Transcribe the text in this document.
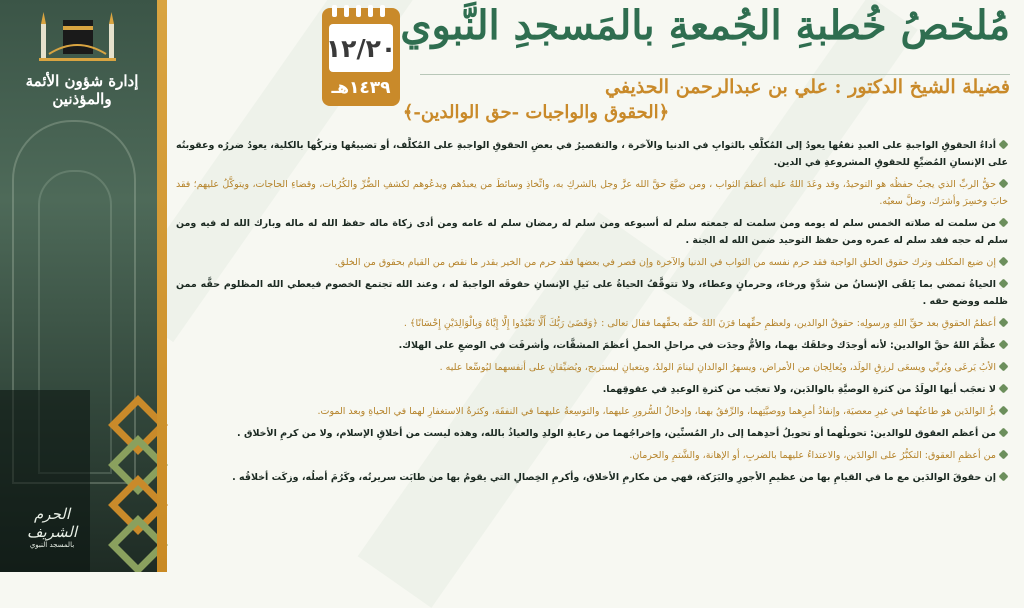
إدارة شؤون الأئمة والمؤذنين
الحرم الشريف
بالمسجد النبوي
١٢/٢٠
١٤٣٩هـ
مُلخصُ خُطبةِ الجُمعةِ بالمَسجدِ النَّبوي
فضيلة الشيخ الدكتور : علي بن عبدالرحمن الحذيفي
﴿الحقوق والواجبات -حق الوالدين-﴾

أداءُ الحقوقِ الواجبةِ على العبدِ نفعُها يعودُ إلى المُكلَّفِ بالثوابِ في الدنيا والآخرة ، والتقصيرُ في بعضِ الحقوقِ الواجبةِ على المُكلَّف، أو تضييعُها وتركُها بالكلية، يعودُ ضررُه وعقوبتُه على الإنسانِ المُضيِّعِ للحقوقِ المشروعةِ في الدين.

حقُّ الربِّ الذي يجبُ حفظُه هو التوحيدُ، وقد وعَدَ اللهُ عليه أعظمَ الثواب ، ومن ضيَّعَ حقَّ الله عزَّ وجل بالشركِ به، واتِّخاذِ وسائطَ من يعبدُهم ويدعُوهم لكشفِ الضُّرِّ والكُرُبات، وقضاءِ الحاجات، ويتوكَّلُ عليهم؛ فقد خابَ وخسِرَ وأشرَك، وضلَّ سعيُه.

من سلمت له صلاته الخمس سلم له يومه ومن سلمت له جمعته سلم له أسبوعه ومن سلم له رمضان سلم له عامه ومن أدى زكاة ماله حفظ الله له ماله وبارك الله له فيه ومن سلم له حجه فقد سلم له عمره ومن حفظ التوحيد ضمن الله له الجنة .

إن ضيع المكلف وترك حقوق الخلق الواجبة فقد حرم نفسه من الثواب في الدنيا والآخرة وإن قصر في بعضها فقد حرم من الخير بقدر ما نقص من القيام بحقوق من الخلق.

الحياةُ تمضي بما يَلقَى الإنسانُ من شدَّةٍ ورخاء، وحرمانٍ وعطاء، ولا تتوقَّفُ الحياةُ على نَيلِ الإنسانِ حقوقَه الواجبةَ له ، وعند الله تجتمع الخصوم فيعطي الله المظلوم حقَّه ممن ظلمه ووضع حقه .

أعظمُ الحقوقِ بعد حقِّ اللهِ ورسولِه: حقوقُ الوالدين، ولعظمِ حقِّهما قرَنَ اللهُ حقَّه بحقِّهما فقال تعالى : ﴿وَقَضَىٰ رَبُّكَ أَلَّا تَعْبُدُوا إِلَّا إِيَّاهُ وَبِالْوَالِدَيْنِ إِحْسَانًا﴾ .

عظَّمَ اللهُ حقَّ الوالدين: لأنه أوجدَك وخلقَك بهما، والأمُّ وجدَت في مراحلِ الحملِ أعظمَ المشقَّات، وأشرفَت في الوضعِ على الهلاك.

الأبُ يَرعَى ويُربِّي ويسعَى لرزقِ الولَد، ويُعالِجان من الأمراض، ويسهرُ الوالدانِ لينامَ الولدُ، ويتعبانِ ليستريح، ويُضيِّقانِ على أنفسهما ليُوسِّعا عليه .

لا تعجَب أيها الولَدُ من كثرةِ الوصيَّةِ بالوالدَين، ولا تعجَب من كثرةِ الوعيدِ في عقوقِهما.

برُّ الوالدَين هو طاعتُهما في غيرِ معصيَة، وإنفاذُ أمرِهما ووصيَّتِهما، والرِّفقُ بهما، وإدخالُ السُّرورِ عليهما، والتوسِعةُ عليهما في النفقَة، وكثرةُ الاستغفارِ لهما في الحياةِ وبعد الموت.

من أعظم العقوق للوالدين: تحويلُهما أو تحويلُ أحدِهما إلى دار المُسنِّين، وإخراجُهما من رعايةِ الولدِ والعياذُ بالله، وهذه ليست من أخلاقِ الإسلام، ولا من كرمِ الأخلاق .

من أعظمِ العقوق: التكبُّرُ على الوالدَين، والاعتداءُ عليهما بالضربِ، أو الإهانة، والشَّتمِ والحرمان.

إن حقوقَ الوالدَين مع ما في القيامِ بها من عظيمِ الأجورِ والبَرَكة، فهي من مكارمِ الأخلاق، وأكرمِ الخِصالِ التي يقومُ بها من طابَت سريرتُه، وكَرُمَ أصلُه، وزكَت أخلاقُه .
